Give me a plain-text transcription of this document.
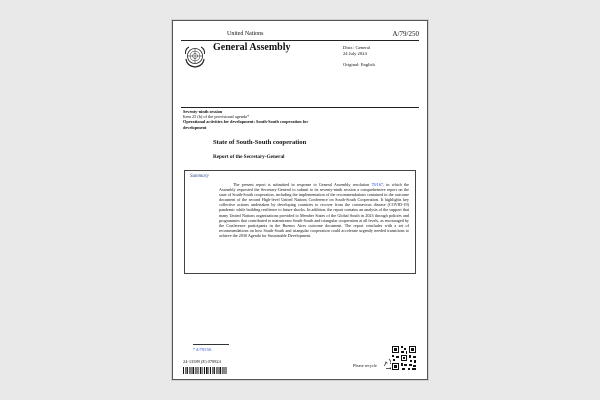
United Nations	A/79/250
General Assembly	Distr.: General
24 July 2024
Original: English
Seventy-ninth session
Item 25 (b) of the provisional agenda*
Operational activities for development: South-South cooperation for development
State of South-South cooperation
Report of the Secretary-General
Summary
The present report is submitted in response to General Assembly resolution 78/167, in which the Assembly requested the Secretary-General to submit to its seventy-ninth session a comprehensive report on the state of South-South cooperation, including the implementation of the recommendations contained in the outcome document of the second High-level United Nations Conference on South-South Cooperation. It highlights key collective actions undertaken by developing countries to recover from the coronavirus disease (COVID-19) pandemic while building resilience to future shocks. In addition, the report contains an analysis of the support that many United Nations organizations provided to Member States of the Global South in 2023 through policies and programmes that contributed to mainstream South-South and triangular cooperation at all levels, as encouraged by the Conference participants in the Buenos Aires outcome document. The report concludes with a set of recommendations on how South-South and triangular cooperation could accelerate urgently needed transitions to achieve the 2030 Agenda for Sustainable Development.
* A/79/150.
24-13589 (E) 070824
Please recycle
